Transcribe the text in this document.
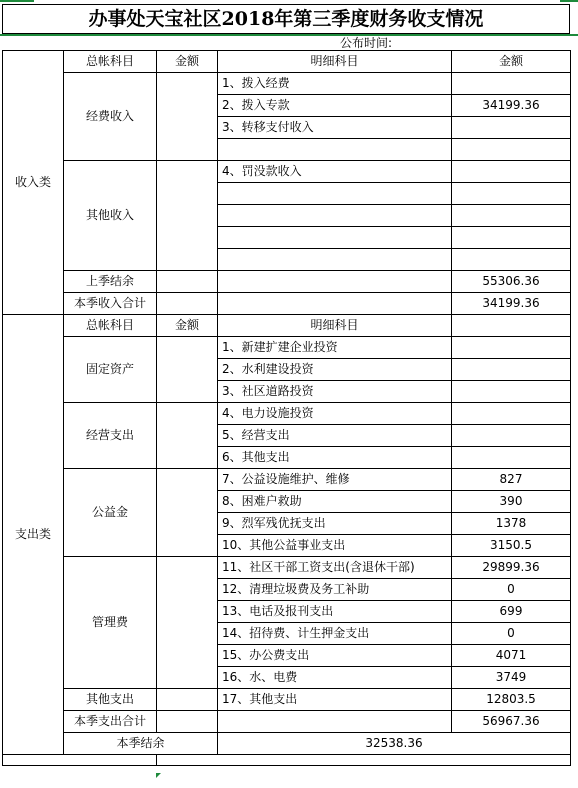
办事处天宝社区2018年第三季度财务收支情况
公布时间:
收入类	总帐科目	金额	明细科目	金额
	经费收入		1、拨入经费	
			2、拨入专款	34199.36

			3、转移支付收入	

	其他收入		4、罚没款收入	

	上季结余			55306.36
	本季收入合计			34199.36
支出类	总帐科目	金额	明细科目	
	固定资产		1、新建扩建企业投资	
			2、水利建设投资	
			3、社区道路投资	
	经营支出		4、电力设施投资	
			5、经营支出	
			6、其他支出	
	公益金		7、公益设施维护、维修	827
			8、困难户救助	390
			9、烈军残优抚支出	1378
			10、其他公益事业支出	3150.5
	管理费		11、社区干部工资支出(含退休干部)	29899.36
			12、清理垃圾费及务工补助	0
			13、电话及报刊支出	699
			14、招待费、计生押金支出	0
			15、办公费支出	4071
			16、水、电费	3749
	其他支出		17、其他支出	12803.5
	本季支出合计			56967.36
	本季结余		32538.36	
